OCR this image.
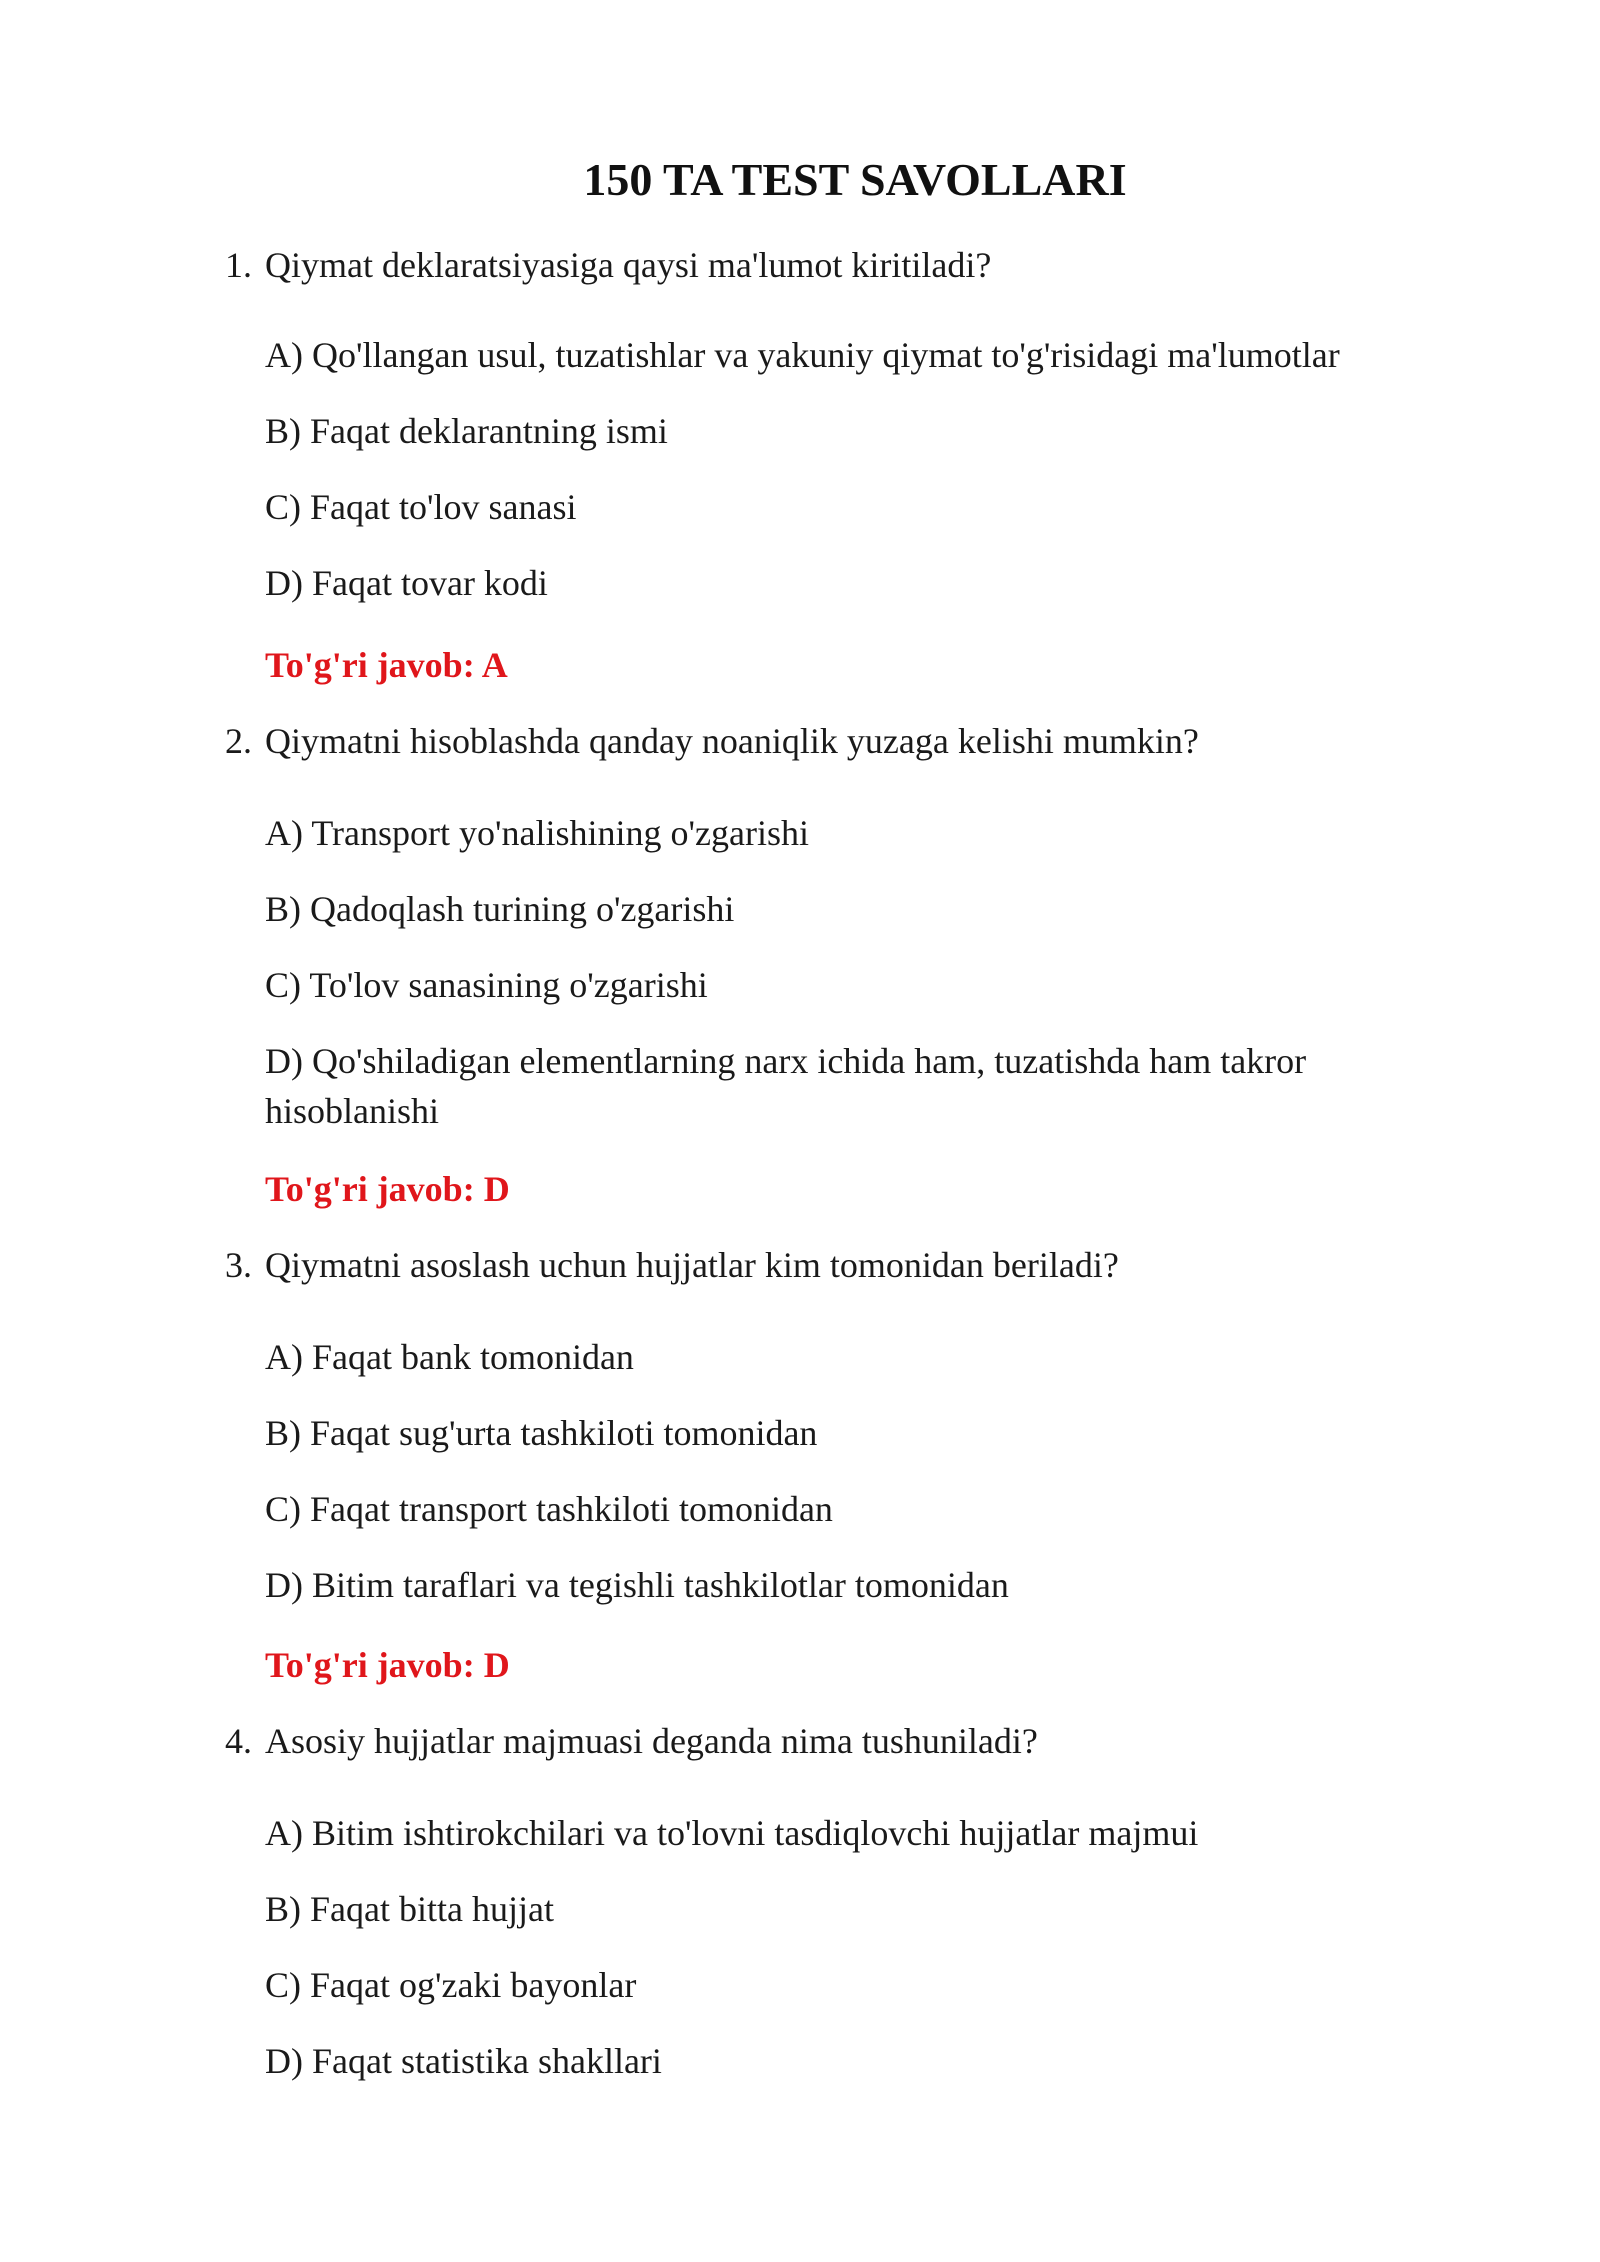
150 TA TEST SAVOLLARI

1. Qiymat deklaratsiyasiga qaysi ma'lumot kiritiladi?

A) Qo'llangan usul, tuzatishlar va yakuniy qiymat to'g'risidagi ma'lumotlar
B) Faqat deklarantning ismi
C) Faqat to'lov sanasi
D) Faqat tovar kodi

To'g'ri javob: A

2. Qiymatni hisoblashda qanday noaniqlik yuzaga kelishi mumkin?

A) Transport yo'nalishining o'zgarishi
B) Qadoqlash turining o'zgarishi
C) To'lov sanasining o'zgarishi
D) Qo'shiladigan elementlarning narx ichida ham, tuzatishda ham takror hisoblanishi

To'g'ri javob: D

3. Qiymatni asoslash uchun hujjatlar kim tomonidan beriladi?

A) Faqat bank tomonidan
B) Faqat sug'urta tashkiloti tomonidan
C) Faqat transport tashkiloti tomonidan
D) Bitim taraflari va tegishli tashkilotlar tomonidan

To'g'ri javob: D

4. Asosiy hujjatlar majmuasi deganda nima tushuniladi?

A) Bitim ishtirokchilari va to'lovni tasdiqlovchi hujjatlar majmui
B) Faqat bitta hujjat
C) Faqat og'zaki bayonlar
D) Faqat statistika shakllari
